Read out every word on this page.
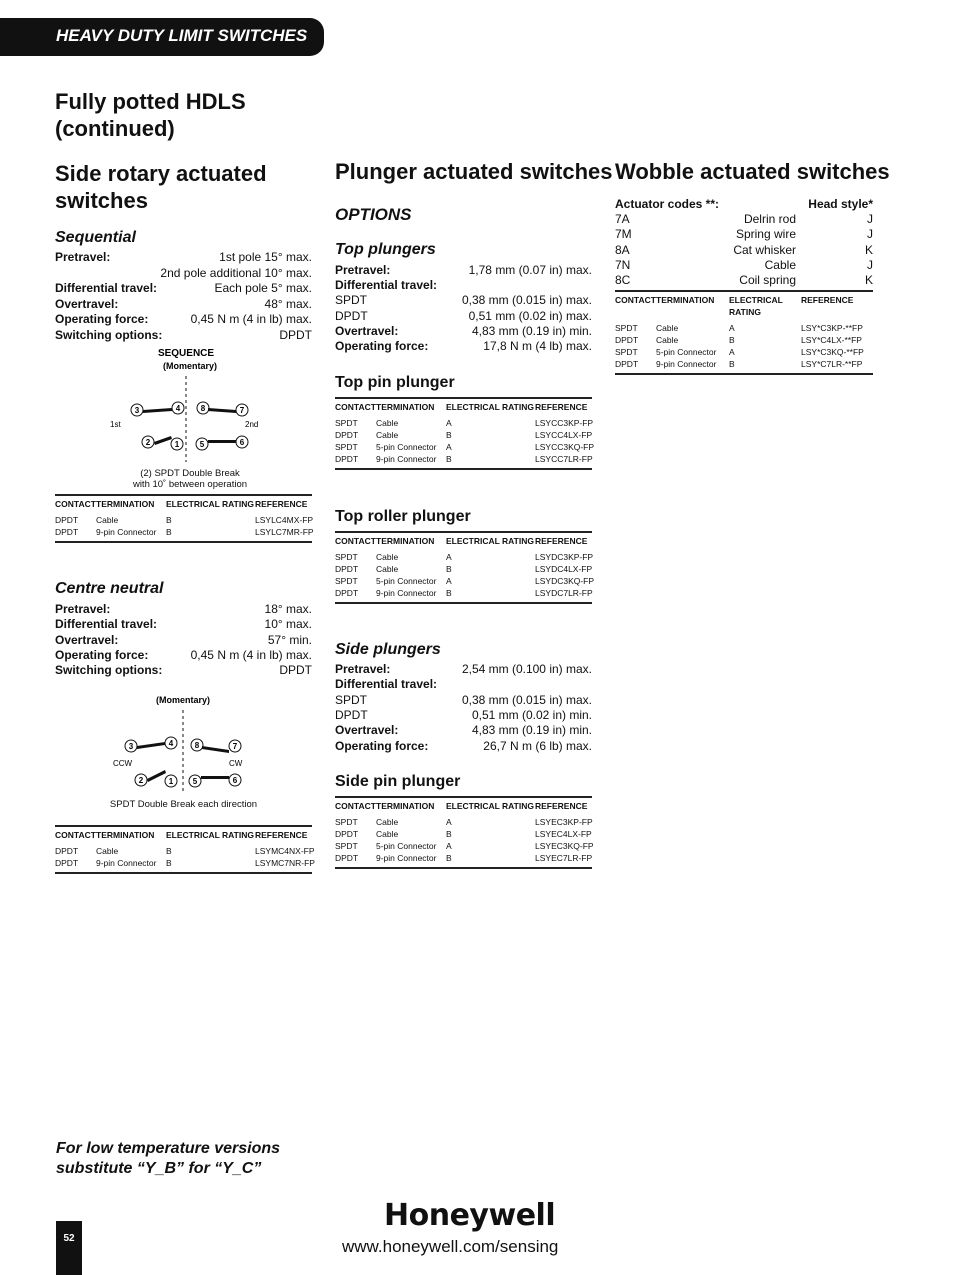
HEAVY DUTY LIMIT SWITCHES
Fully potted HDLS
(continued)
Side rotary actuated
switches
Sequential
Pretravel:	1st pole 15° max.
2nd pole additional 10° max.
Differential travel:	Each pole 5° max.
Overtravel:	48° max.
Operating force:	0,45 N m (4 in lb) max.
Switching options:	DPDT
SEQUENCE
(Momentary)
3	4	8	7
2	1	5	6
1st	2nd
(2) SPDT Double Break
with 10˚ between operation
CONTACT TERMINATION ELECTRICAL RATING REFERENCE
DPDT Cable	B	LSYLC4MX-FP
DPDT 9-pin Connector B	LSYLC7MR-FP
Centre neutral
Pretravel:	18° max.
Differential travel:	10° max.
Overtravel:	57° min.
Operating force:	0,45 N m (4 in lb) max.
Switching options:	DPDT
(Momentary)
3	4	8	7
2	1 5	6
CCW	CW
SPDT Double Break each direction
CONTACT TERMINATION ELECTRICAL RATING REFERENCE
DPDT Cable	B	LSYMC4NX-FP
DPDT 9-pin Connector B	LSYMC7NR-FP
Plunger actuated switches
OPTIONS
Top plungers
Pretravel:	1,78 mm (0.07 in) max.
Differential travel:
SPDT	0,38 mm (0.015 in) max.
DPDT	0,51 mm (0.02 in) max.
Overtravel:	4,83 mm (0.19 in) min.
Operating force:	17,8 N m (4 lb) max.
Top pin plunger
CONTACT TERMINATION ELECTRICAL RATING REFERENCE
SPDT Cable	A	LSYCC3KP-FP
DPDT Cable	B	LSYCC4LX-FP
SPDT 5-pin Connector A	LSYCC3KQ-FP
DPDT 9-pin Connector B	LSYCC7LR-FP
Top roller plunger
CONTACT TERMINATION ELECTRICAL RATING REFERENCE
SPDT Cable	A	LSYDC3KP-FP
DPDT Cable	B	LSYDC4LX-FP
SPDT 5-pin Connector A	LSYDC3KQ-FP
DPDT 9-pin Connector B	LSYDC7LR-FP
Side plungers
Pretravel:	2,54 mm (0.100 in) max.
Differential travel:
SPDT	0,38 mm (0.015 in) max.
DPDT	0,51 mm (0.02 in) min.
Overtravel:	4,83 mm (0.19 in) min.
Operating force:	26,7 N m (6 lb) max.
Side pin plunger
CONTACT TERMINATION ELECTRICAL RATING REFERENCE
SPDT Cable	A	LSYEC3KP-FP
DPDT Cable	B	LSYEC4LX-FP
SPDT 5-pin Connector A	LSYEC3KQ-FP
DPDT 9-pin Connector B	LSYEC7LR-FP
Wobble actuated switches
Actuator codes **:	Head style*
7A	Delrin rod	J
7M	Spring wire	J
8A	Cat whisker	K
7N	Cable	J
8C	Coil spring	K
CONTACT TERMINATION ELECTRICAL REFERENCE
RATING
SPDT Cable	A	LSY*C3KP-**FP
DPDT Cable	B	LSY*C4LX-**FP
SPDT 5-pin Connector A	LSY*C3KQ-**FP
DPDT 9-pin Connector B	LSY*C7LR-**FP
For low temperature versions
substitute “Y_B” for “Y_C”
52
Honeywell
www.honeywell.com/sensing
